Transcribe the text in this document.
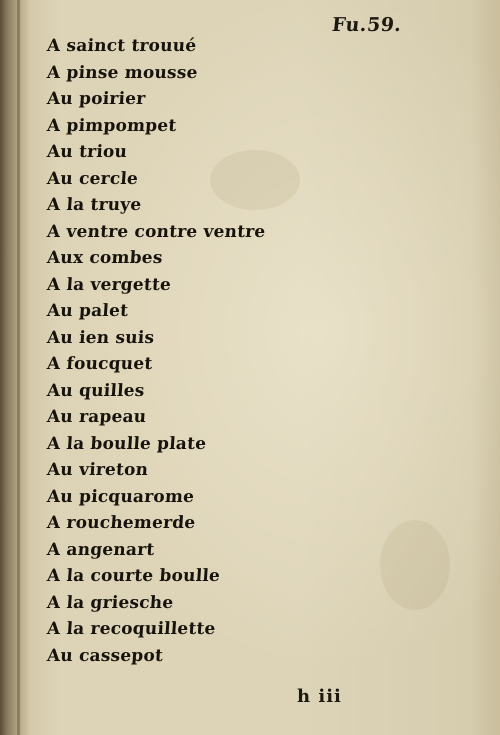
Fu.59.
A sainct trouué
A pinse mousse
Au poirier
A pimpompet
Au triou
Au cercle
A la truye
A ventre contre ventre
Aux combes
A la vergette
Au palet
Au ien suis
A foucquet
Au quilles
Au rapeau
A la boulle plate
Au vireton
Au picquarome
A rouchemerde
A angenart
A la courte boulle
A la griesche
A la recoquillette
Au cassepot
h iii
